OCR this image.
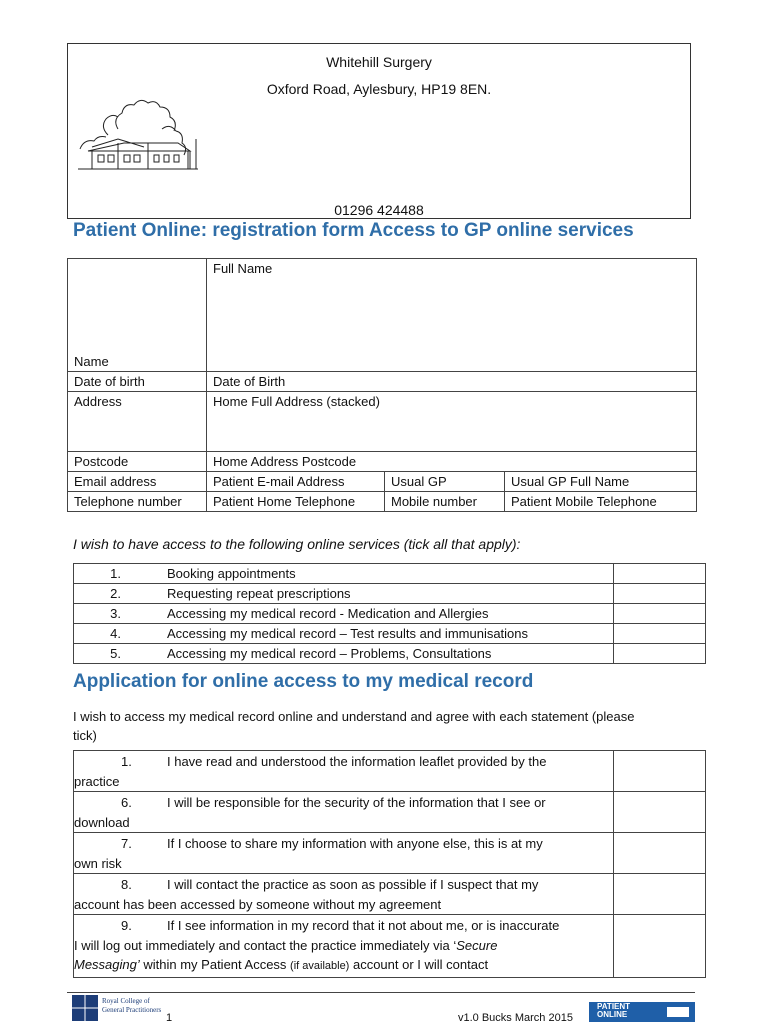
Whitehill Surgery
Oxford Road, Aylesbury, HP19 8EN.
01296 424488
Patient Online: registration form Access to GP online services
Name	Full Name		
Date of birth	Date of Birth		
Address	Home Full Address (stacked)		
Postcode	Home Address Postcode		
Email address	Patient E-mail Address	Usual GP	Usual GP Full Name
Telephone number	Patient Home Telephone	Mobile number	Patient Mobile Telephone
I wish to have access to the following online services (tick all that apply):
1. Booking appointments	
2. Requesting repeat prescriptions	
3. Accessing my medical record - Medication and Allergies	
4. Accessing my medical record – Test results and immunisations	
5. Accessing my medical record – Problems, Consultations	
Application for online access to my medical record
I wish to access my medical record online and understand and agree with each statement (please
tick)
1. I have read and understood the information leaflet provided by the
practice	
6. I will be responsible for the security of the information that I see or
download	
7. If I choose to share my information with anyone else, this is at my
own risk	
8. I will contact the practice as soon as possible if I suspect that my
account has been accessed by someone without my agreement	
9. If I see information in my record that it not about me, or is inaccurate
I will log out immediately and contact the practice immediately via ‘Secure
Messaging’ within my Patient Access (if available) account or I will contact	
Royal College of
General Practitioners
1	v1.0 Bucks March 2015
PATIENT
ONLINE
